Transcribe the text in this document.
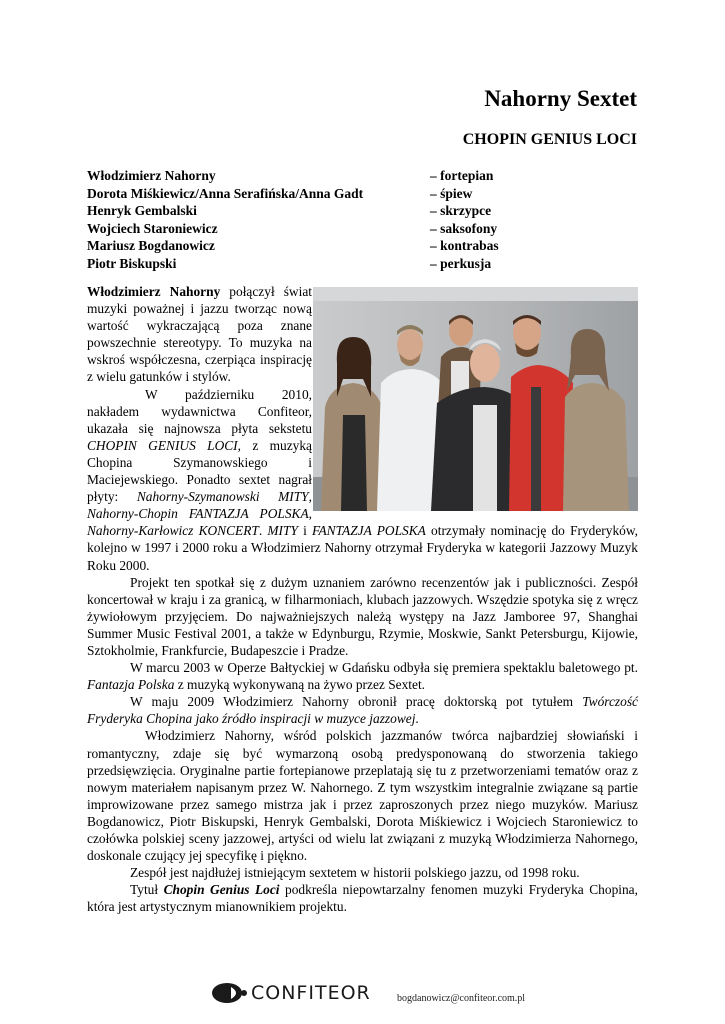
Nahorny Sextet
CHOPIN GENIUS LOCI
Włodzimierz Nahorny	– fortepian
Dorota Miśkiewicz/Anna Serafińska/Anna Gadt	– śpiew
Henryk Gembalski	– skrzypce
Wojciech Staroniewicz	– saksofony
Mariusz Bogdanowicz	– kontrabas
Piotr Biskupski	– perkusja

Włodzimierz Nahorny połączył świat muzyki poważnej i jazzu tworząc nową wartość wykraczającą poza znane powszechnie stereotypy. To muzyka na wskroś współczesna, czerpiąca inspirację z wielu gatunków i stylów.

W październiku 2010, nakładem wydawnictwa Confiteor, ukazała się najnowsza płyta sekstetu CHOPIN GENIUS LOCI, z muzyką Chopina Szymanowskiego i Maciejewskiego. Ponadto sextet nagrał płyty: Nahorny-Szymanowski MITY, Nahorny-Chopin FANTAZJA POLSKA, Nahorny-Karłowicz KONCERT. MITY i FANTAZJA POLSKA otrzymały nominację do Fryderyków, kolejno w 1997 i 2000 roku a Włodzimierz Nahorny otrzymał Fryderyka w kategorii Jazzowy Muzyk Roku 2000.

Projekt ten spotkał się z dużym uznaniem zarówno recenzentów jak i publiczności. Zespół koncertował w kraju i za granicą, w filharmoniach, klubach jazzowych. Wszędzie spotyka się z wręcz żywiołowym przyjęciem. Do najważniejszych należą występy na Jazz Jamboree 97, Shanghai Summer Music Festival 2001, a także w Edynburgu, Rzymie, Moskwie, Sankt Petersburgu, Kijowie, Sztokholmie, Frankfurcie, Budapeszcie i Pradze.

W marcu 2003 w Operze Bałtyckiej w Gdańsku odbyła się premiera spektaklu baletowego pt. Fantazja Polska z muzyką wykonywaną na żywo przez Sextet.

W maju 2009 Włodzimierz Nahorny obronił pracę doktorską pot tytułem Twórczość Fryderyka Chopina jako źródło inspiracji w muzyce jazzowej.

Włodzimierz Nahorny, wśród polskich jazzmanów twórca najbardziej słowiański i romantyczny, zdaje się być wymarzoną osobą predysponowaną do stworzenia takiego przedsięwzięcia. Oryginalne partie fortepianowe przeplatają się tu z przetworzeniami tematów oraz z nowym materiałem napisanym przez W. Nahornego. Z tym wszystkim integralnie związane są partie improwizowane przez samego mistrza jak i przez zaproszonych przez niego muzyków. Mariusz Bogdanowicz, Piotr Biskupski, Henryk Gembalski, Dorota Miśkiewicz i Wojciech Staroniewicz to czołówka polskiej sceny jazzowej, artyści od wielu lat związani z muzyką Włodzimierza Nahornego, doskonale czujący jej specyfikę i piękno.

Zespół jest najdłużej istniejącym sextetem w historii polskiego jazzu, od 1998 roku.

Tytuł Chopin Genius Loci podkreśla niepowtarzalny fenomen muzyki Fryderyka Chopina, która jest artystycznym mianownikiem projektu.

CONFITEOR	bogdanowicz@confiteor.com.pl
